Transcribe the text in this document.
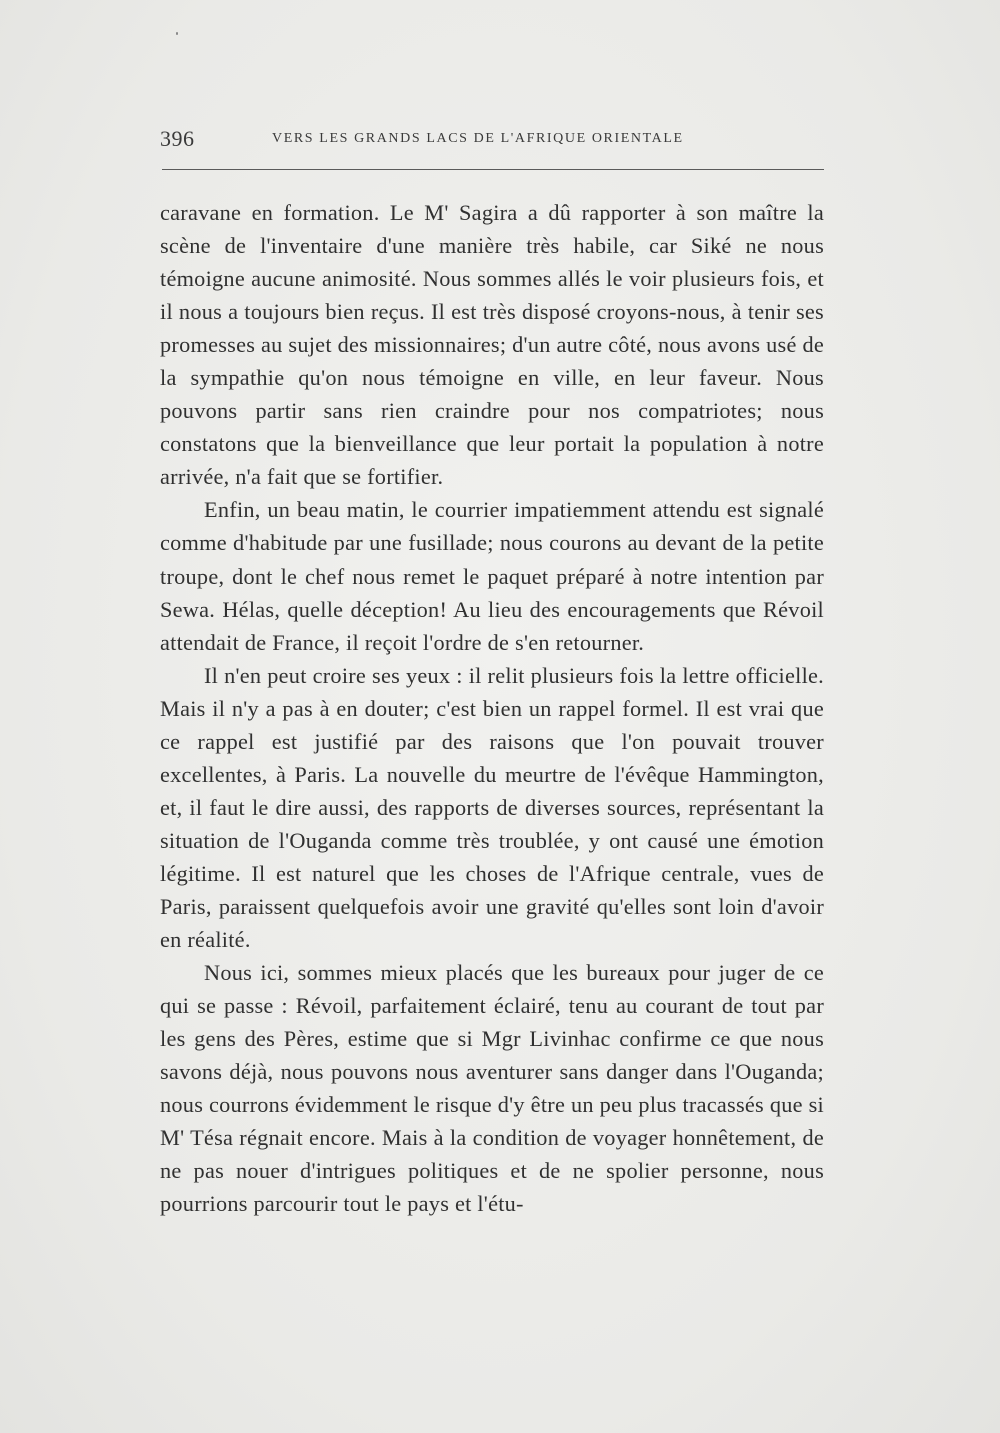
396	VERS LES GRANDS LACS DE L'AFRIQUE ORIENTALE

caravane en formation. Le M' Sagira a dû rapporter à son maître la scène de l'inventaire d'une manière très habile, car Siké ne nous témoigne aucune animosité. Nous sommes allés le voir plusieurs fois, et il nous a toujours bien reçus. Il est très disposé croyons-nous, à tenir ses promesses au sujet des missionnaires; d'un autre côté, nous avons usé de la sympathie qu'on nous témoigne en ville, en leur faveur. Nous pouvons partir sans rien craindre pour nos compatriotes; nous constatons que la bienveillance que leur portait la population à notre arrivée, n'a fait que se fortifier.

Enfin, un beau matin, le courrier impatiemment attendu est signalé comme d'habitude par une fusillade; nous courons au devant de la petite troupe, dont le chef nous remet le paquet préparé à notre intention par Sewa. Hélas, quelle déception! Au lieu des encouragements que Révoil attendait de France, il reçoit l'ordre de s'en retourner.

Il n'en peut croire ses yeux : il relit plusieurs fois la lettre officielle. Mais il n'y a pas à en douter; c'est bien un rappel formel. Il est vrai que ce rappel est justifié par des raisons que l'on pouvait trouver excellentes, à Paris. La nouvelle du meurtre de l'évêque Hammington, et, il faut le dire aussi, des rapports de diverses sources, représentant la situation de l'Ouganda comme très troublée, y ont causé une émotion légitime. Il est naturel que les choses de l'Afrique centrale, vues de Paris, paraissent quelquefois avoir une gravité qu'elles sont loin d'avoir en réalité.

Nous ici, sommes mieux placés que les bureaux pour juger de ce qui se passe : Révoil, parfaitement éclairé, tenu au courant de tout par les gens des Pères, estime que si Mgr Livinhac confirme ce que nous savons déjà, nous pouvons nous aventurer sans danger dans l'Ouganda; nous courrons évidemment le risque d'y être un peu plus tracassés que si M' Tésa régnait encore. Mais à la condition de voyager honnêtement, de ne pas nouer d'intrigues politiques et de ne spolier personne, nous pourrions parcourir tout le pays et l'étu-
